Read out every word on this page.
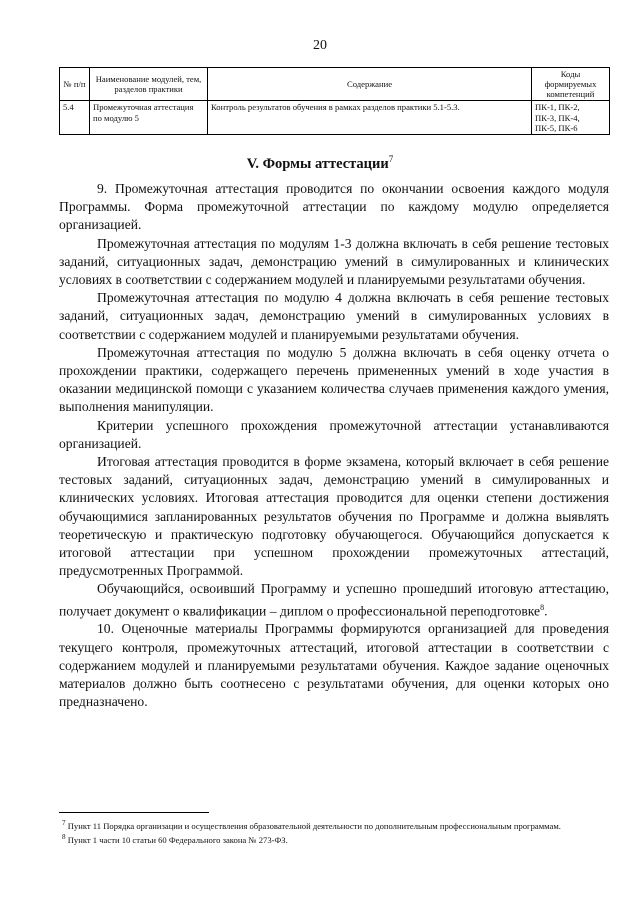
20
№ п/п	Наименование модулей, тем, разделов практики	Содержание	Коды формируемых компетенций
5.4	Промежуточная аттестация по модулю 5	Контроль результатов обучения в рамках разделов практики 5.1-5.3.	ПК-1, ПК-2,
ПК-3, ПК-4,
ПК-5, ПК-6
V. Формы аттестации$^7$

9. Промежуточная аттестация проводится по окончании освоения каждого модуля Программы. Форма промежуточной аттестации по каждому модулю определяется организацией.

Промежуточная аттестация по модулям 1-3 должна включать в себя решение тестовых заданий, ситуационных задач, демонстрацию умений в симулированных и клинических условиях в соответствии с содержанием модулей и планируемыми результатами обучения.

Промежуточная аттестация по модулю 4 должна включать в себя решение тестовых заданий, ситуационных задач, демонстрацию умений в симулированных условиях в соответствии с содержанием модулей и планируемыми результатами обучения.

Промежуточная аттестация по модулю 5 должна включать в себя оценку отчета о прохождении практики, содержащего перечень примененных умений в ходе участия в оказании медицинской помощи с указанием количества случаев применения каждого умения, выполнения манипуляции.

Критерии успешного прохождения промежуточной аттестации устанавливаются организацией.

Итоговая аттестация проводится в форме экзамена, который включает в себя решение тестовых заданий, ситуационных задач, демонстрацию умений в симулированных и клинических условиях. Итоговая аттестация проводится для оценки степени достижения обучающимися запланированных результатов обучения по Программе и должна выявлять теоретическую и практическую подготовку обучающегося. Обучающийся допускается к итоговой аттестации при успешном прохождении промежуточных аттестаций, предусмотренных Программой.

Обучающийся, освоивший Программу и успешно прошедший итоговую аттестацию, получает документ о квалификации – диплом о профессиональной переподготовке$^8$.

10. Оценочные материалы Программы формируются организацией для проведения текущего контроля, промежуточных аттестаций, итоговой аттестации в соответствии с содержанием модулей и планируемыми результатами обучения. Каждое задание оценочных материалов должно быть соотнесено с результатами обучения, для оценки которых оно предназначено.

$^7$ Пункт 11 Порядка организации и осуществления образовательной деятельности по дополнительным профессиональным программам.

$^8$ Пункт 1 части 10 статьи 60 Федерального закона № 273-ФЗ.
